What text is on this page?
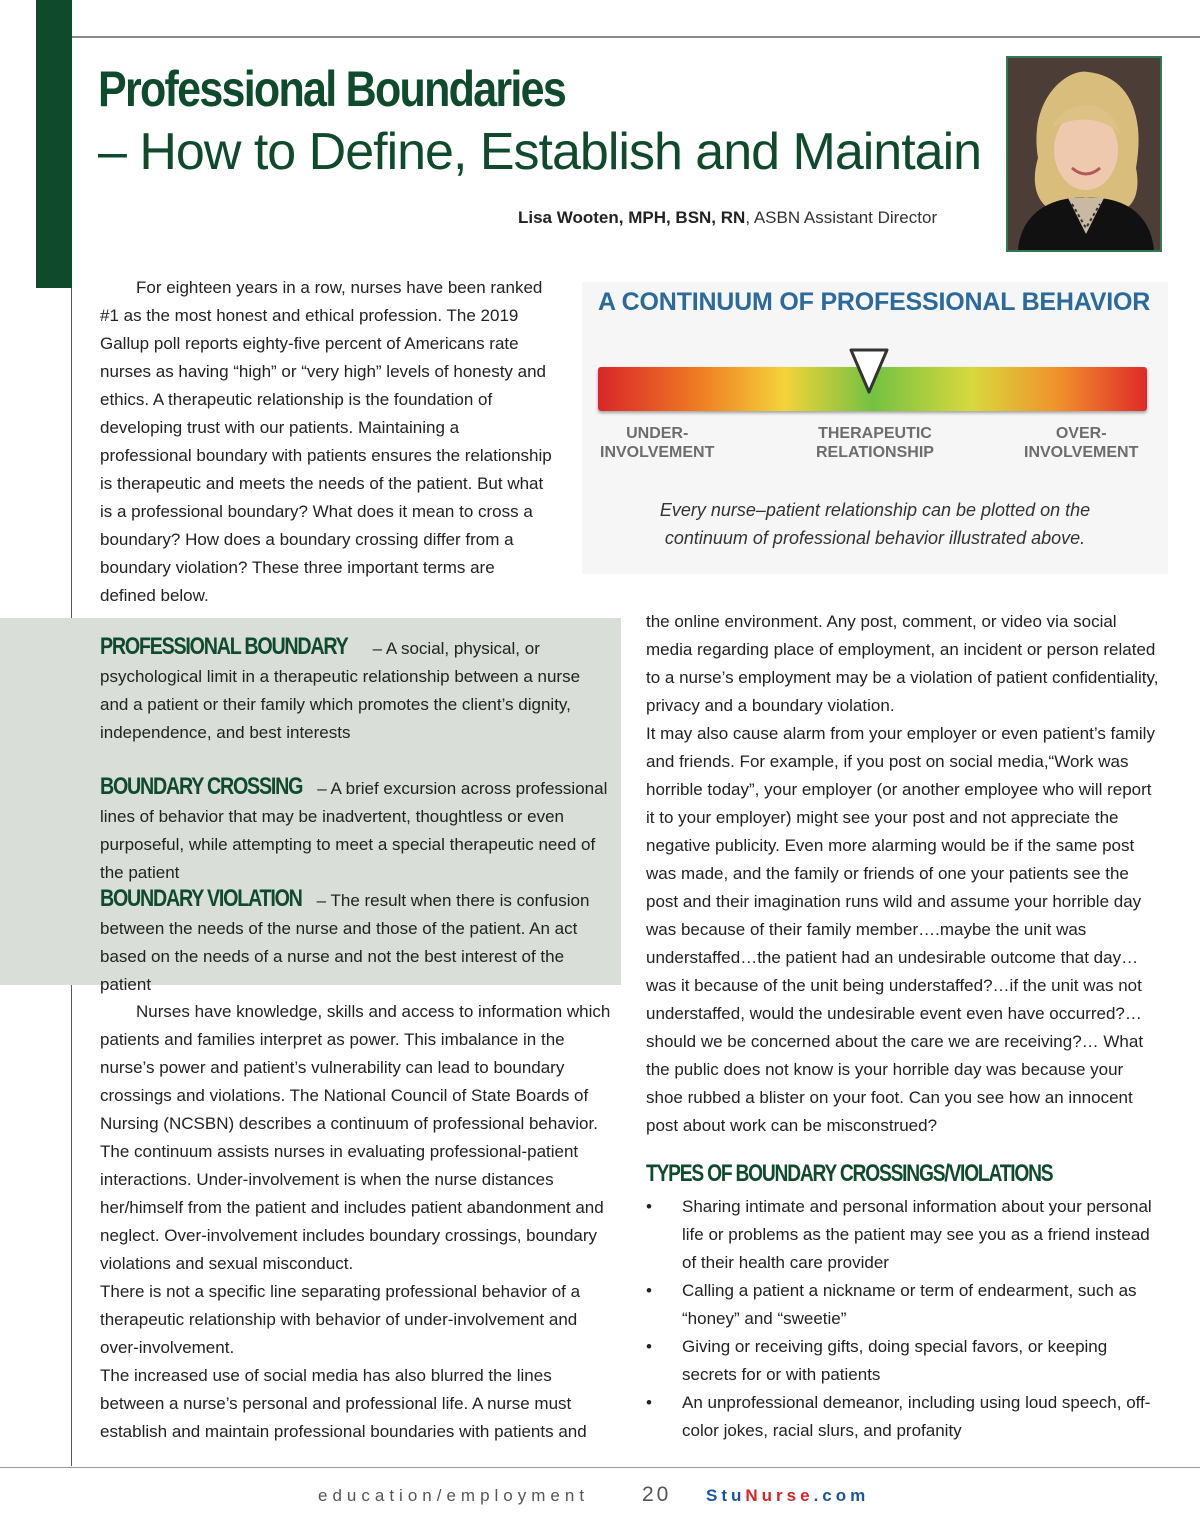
Professional Boundaries
– How to Define, Establish and Maintain
Lisa Wooten, MPH, BSN, RN, ASBN Assistant Director

For eighteen years in a row, nurses have been ranked #1 as the most honest and ethical profession. The 2019 Gallup poll reports eighty-five percent of Americans rate nurses as having “high” or “very high” levels of honesty and ethics. A therapeutic relationship is the foundation of developing trust with our patients. Maintaining a professional boundary with patients ensures the relationship is therapeutic and meets the needs of the patient. But what is a professional boundary? What does it mean to cross a boundary? How does a boundary crossing differ from a boundary violation? These three important terms are defined below.

A CONTINUUM OF PROFESSIONAL BEHAVIOR
UNDER-
INVOLVEMENT
THERAPEUTIC
RELATIONSHIP
OVER-
INVOLVEMENT
Every nurse–patient relationship can be plotted on the continuum of professional behavior illustrated above.

PROFESSIONAL BOUNDARY – A social, physical, or psychological limit in a therapeutic relationship between a nurse and a patient or their family which promotes the client’s dignity, independence, and best interests

BOUNDARY CROSSING – A brief excursion across professional lines of behavior that may be inadvertent, thoughtless or even purposeful, while attempting to meet a special therapeutic need of the patient

BOUNDARY VIOLATION – The result when there is confusion between the needs of the nurse and those of the patient. An act based on the needs of a nurse and not the best interest of the patient

Nurses have knowledge, skills and access to information which patients and families interpret as power. This imbalance in the nurse’s power and patient’s vulnerability can lead to boundary crossings and violations. The National Council of State Boards of Nursing (NCSBN) describes a continuum of professional behavior. The continuum assists nurses in evaluating professional-patient interactions. Under-involvement is when the nurse distances her/himself from the patient and includes patient abandonment and neglect. Over-involvement includes boundary crossings, boundary violations and sexual misconduct.

There is not a specific line separating professional behavior of a therapeutic relationship with behavior of under-involvement and over-involvement.

The increased use of social media has also blurred the lines between a nurse’s personal and professional life. A nurse must establish and maintain professional boundaries with patients and

the online environment. Any post, comment, or video via social media regarding place of employment, an incident or person related to a nurse’s employment may be a violation of patient confidentiality, privacy and a boundary violation.

It may also cause alarm from your employer or even patient’s family and friends. For example, if you post on social media,“Work was horrible today”, your employer (or another employee who will report it to your employer) might see your post and not appreciate the negative publicity. Even more alarming would be if the same post was made, and the family or friends of one your patients see the post and their imagination runs wild and assume your horrible day was because of their family member….maybe the unit was understaffed…the patient had an undesirable outcome that day… was it because of the unit being understaffed?…if the unit was not understaffed, would the undesirable event even have occurred?… should we be concerned about the care we are receiving?… What the public does not know is your horrible day was because your shoe rubbed a blister on your foot. Can you see how an innocent post about work can be misconstrued?

TYPES OF BOUNDARY CROSSINGS/VIOLATIONS
• Sharing intimate and personal information about your personal life or problems as the patient may see you as a friend instead of their health care provider
• Calling a patient a nickname or term of endearment, such as “honey” and “sweetie”
• Giving or receiving gifts, doing special favors, or keeping secrets for or with patients
• An unprofessional demeanor, including using loud speech, off-color jokes, racial slurs, and profanity
education/employment	20 StuNurse.com
